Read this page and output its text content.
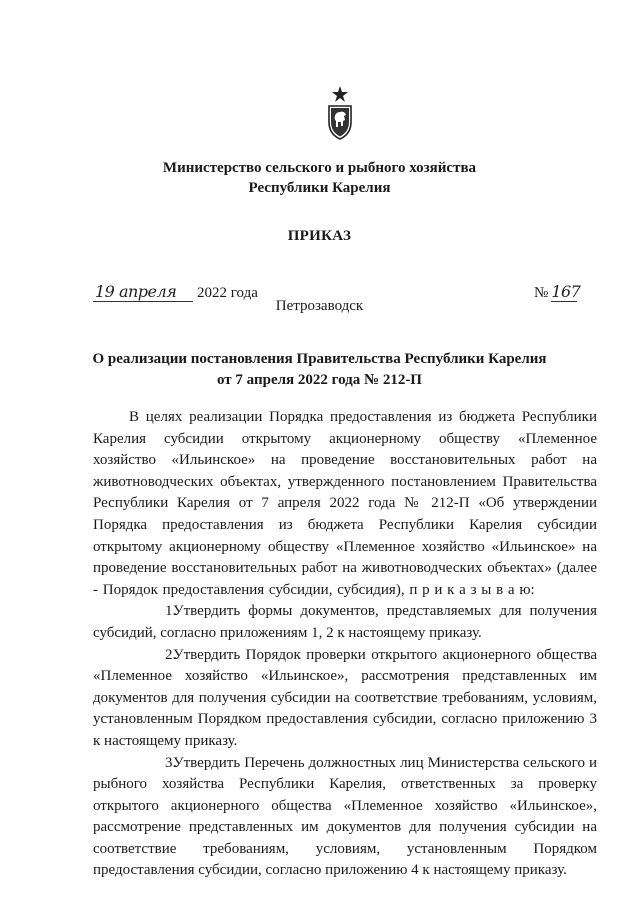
Министерство сельского и рыбного хозяйства
Республики Карелия
ПРИКАЗ
19 апреля 2022 года	№ 167
Петрозаводск
О реализации постановления Правительства Республики Карелия
от 7 апреля 2022 года № 212-П

В целях реализации Порядка предоставления из бюджета Республики Карелия субсидии открытому акционерному обществу «Племенное хозяйство «Ильинское» на проведение восстановительных работ на животноводческих объектах, утвержденного постановлением Правительства Республики Карелия от 7 апреля 2022 года № 212-П «Об утверждении Порядка предоставления из бюджета Республики Карелия субсидии открытому акционерному обществу «Племенное хозяйство «Ильинское» на проведение восстановительных работ на животноводческих объектах» (далее - Порядок предоставления субсидии, субсидия), п р и к а з ы в а ю:

1.Утвердить формы документов, представляемых для получения субсидий, согласно приложениям 1, 2 к настоящему приказу.

2.Утвердить Порядок проверки открытого акционерного общества «Племенное хозяйство «Ильинское», рассмотрения представленных им документов для получения субсидии на соответствие требованиям, условиям, установленным Порядком предоставления субсидии, согласно приложению 3 к настоящему приказу.

3.Утвердить Перечень должностных лиц Министерства сельского и рыбного хозяйства Республики Карелия, ответственных за проверку открытого акционерного общества «Племенное хозяйство «Ильинское», рассмотрение представленных им документов для получения субсидии на соответствие требованиям, условиям, установленным Порядком предоставления субсидии, согласно приложению 4 к настоящему приказу.
